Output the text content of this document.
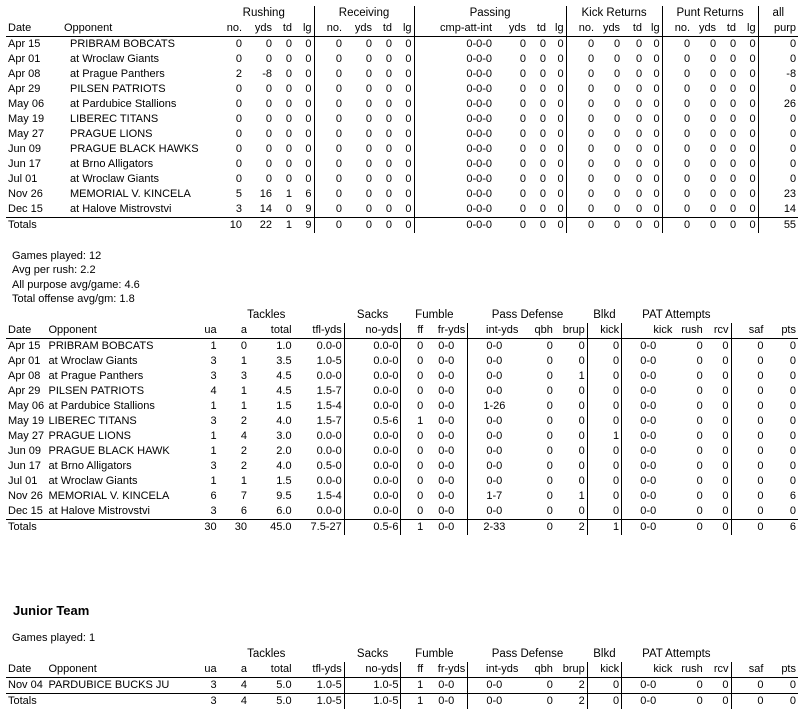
		Rushing				Receiving				Passing				Kick Returns				Punt Returns				all
Date	Opponent	no.	yds	td	lg	no.	yds	td	lg	cmp-att-int	yds	td	lg	no.	yds	td	lg	no.	yds	td	lg	purp
Apr 15	PRIBRAM BOBCATS	0	0	0	0	0	0	0	0	0-0-0	0	0	0	0	0	0	0	0	0	0	0	0
Apr 01	at Wroclaw Giants	0	0	0	0	0	0	0	0	0-0-0	0	0	0	0	0	0	0	0	0	0	0	0
Apr 08	at Prague Panthers	2	-8	0	0	0	0	0	0	0-0-0	0	0	0	0	0	0	0	0	0	0	0	-8
Apr 29	PILSEN PATRIOTS	0	0	0	0	0	0	0	0	0-0-0	0	0	0	0	0	0	0	0	0	0	0	0
May 06	at Pardubice Stallions	0	0	0	0	0	0	0	0	0-0-0	0	0	0	0	0	0	0	0	0	0	0	26
May 19	LIBEREC TITANS	0	0	0	0	0	0	0	0	0-0-0	0	0	0	0	0	0	0	0	0	0	0	0
May 27	PRAGUE LIONS	0	0	0	0	0	0	0	0	0-0-0	0	0	0	0	0	0	0	0	0	0	0	0
Jun 09	PRAGUE BLACK HAWKS	0	0	0	0	0	0	0	0	0-0-0	0	0	0	0	0	0	0	0	0	0	0	0
Jun 17	at Brno Alligators	0	0	0	0	0	0	0	0	0-0-0	0	0	0	0	0	0	0	0	0	0	0	0
Jul 01	at Wroclaw Giants	0	0	0	0	0	0	0	0	0-0-0	0	0	0	0	0	0	0	0	0	0	0	0
Nov 26	MEMORIAL V. KINCELA	5	16	1	6	0	0	0	0	0-0-0	0	0	0	0	0	0	0	0	0	0	0	23
Dec 15	at Halove Mistrovstvi	3	14	0	9	0	0	0	0	0-0-0	0	0	0	0	0	0	0	0	0	0	0	14
Totals		10	22	1	9	0	0	0	0	0-0-0	0	0	0	0	0	0	0	0	0	0	0	55
Games played: 12
Avg per rush: 2.2
All purpose avg/game: 4.6
Total offense avg/gm: 1.8
		Tackles				Sacks	Fumble		Pass Defense			Blkd	PAT Attempts				
Date	Opponent	ua	a	total	tfl-yds	no-yds	ff	fr-yds	int-yds	qbh	brup	kick	kick	rush	rcv	saf	pts
Apr 15	PRIBRAM BOBCATS	1	0	1.0	0.0-0	0.0-0	0	0-0	0-0	0	0	0	0-0	0	0	0	0
Apr 01	at Wroclaw Giants	3	1	3.5	1.0-5	0.0-0	0	0-0	0-0	0	0	0	0-0	0	0	0	0
Apr 08	at Prague Panthers	3	3	4.5	0.0-0	0.0-0	0	0-0	0-0	0	1	0	0-0	0	0	0	0
Apr 29	PILSEN PATRIOTS	4	1	4.5	1.5-7	0.0-0	0	0-0	0-0	0	0	0	0-0	0	0	0	0
May 06	at Pardubice Stallions	1	1	1.5	1.5-4	0.0-0	0	0-0	1-26	0	0	0	0-0	0	0	0	0
May 19	LIBEREC TITANS	3	2	4.0	1.5-7	0.5-6	1	0-0	0-0	0	0	0	0-0	0	0	0	0
May 27	PRAGUE LIONS	1	4	3.0	0.0-0	0.0-0	0	0-0	0-0	0	0	1	0-0	0	0	0	0
Jun 09	PRAGUE BLACK HAWK	1	2	2.0	0.0-0	0.0-0	0	0-0	0-0	0	0	0	0-0	0	0	0	0
Jun 17	at Brno Alligators	3	2	4.0	0.5-0	0.0-0	0	0-0	0-0	0	0	0	0-0	0	0	0	0
Jul 01	at Wroclaw Giants	1	1	1.5	0.0-0	0.0-0	0	0-0	0-0	0	0	0	0-0	0	0	0	0
Nov 26	MEMORIAL V. KINCELA	6	7	9.5	1.5-4	0.0-0	0	0-0	1-7	0	1	0	0-0	0	0	0	6
Dec 15	at Halove Mistrovstvi	3	6	6.0	0.0-0	0.0-0	0	0-0	0-0	0	0	0	0-0	0	0	0	0
Totals		30	30	45.0	7.5-27	0.5-6	1	0-0	2-33	0	2	1	0-0	0	0	0	6
Junior Team
Games played: 1
		Tackles				Sacks	Fumble		Pass Defense			Blkd	PAT Attempts				
Date	Opponent	ua	a	total	tfl-yds	no-yds	ff	fr-yds	int-yds	qbh	brup	kick	kick	rush	rcv	saf	pts
Nov 04	PARDUBICE BUCKS JU	3	4	5.0	1.0-5	1.0-5	1	0-0	0-0	0	2	0	0-0	0	0	0	0
Totals		3	4	5.0	1.0-5	1.0-5	1	0-0	0-0	0	2	0	0-0	0	0	0	0
